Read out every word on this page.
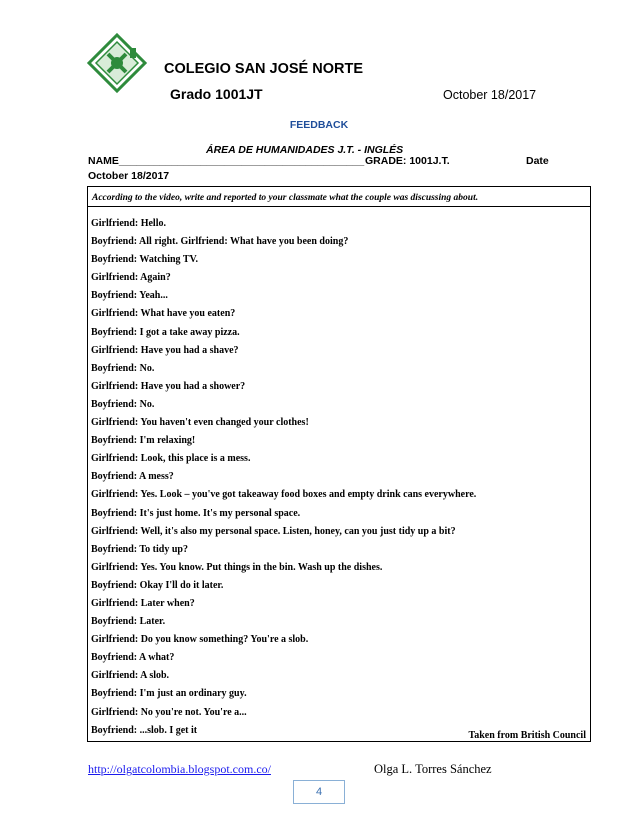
COLEGIO SAN JOSÉ NORTE
Grado 1001JT	October 18/2017
FEEDBACK
ÁREA DE HUMANIDADES J.T. - INGLÉS
NAME__________________________________________ GRADE: 1001J.T.	Date
October 18/2017
According to the video, write and reported to your classmate what the couple was discussing about.
Girlfriend: Hello.
Boyfriend: All right. Girlfriend: What have you been doing?
Boyfriend: Watching TV.
Girlfriend: Again?
Boyfriend: Yeah...
Girlfriend: What have you eaten?
Boyfriend: I got a take away pizza.
Girlfriend: Have you had a shave?
Boyfriend: No.
Girlfriend: Have you had a shower?
Boyfriend: No.
Girlfriend: You haven't even changed your clothes!
Boyfriend: I'm relaxing!
Girlfriend: Look, this place is a mess.
Boyfriend: A mess?
Girlfriend: Yes. Look – you've got takeaway food boxes and empty drink cans everywhere.
Boyfriend: It's just home. It's my personal space.
Girlfriend: Well, it's also my personal space. Listen, honey, can you just tidy up a bit?
Boyfriend: To tidy up?
Girlfriend: Yes. You know. Put things in the bin. Wash up the dishes.
Boyfriend: Okay I'll do it later.
Girlfriend: Later when?
Boyfriend: Later.
Girlfriend: Do you know something? You're a slob.
Boyfriend: A what?
Girlfriend: A slob.
Boyfriend: I'm just an ordinary guy.
Girlfriend: No you're not. You're a...
Boyfriend: ...slob. I get it	Taken from British Council
http://olgatcolombia.blogspot.com.co/	Olga L. Torres Sánchez
4
